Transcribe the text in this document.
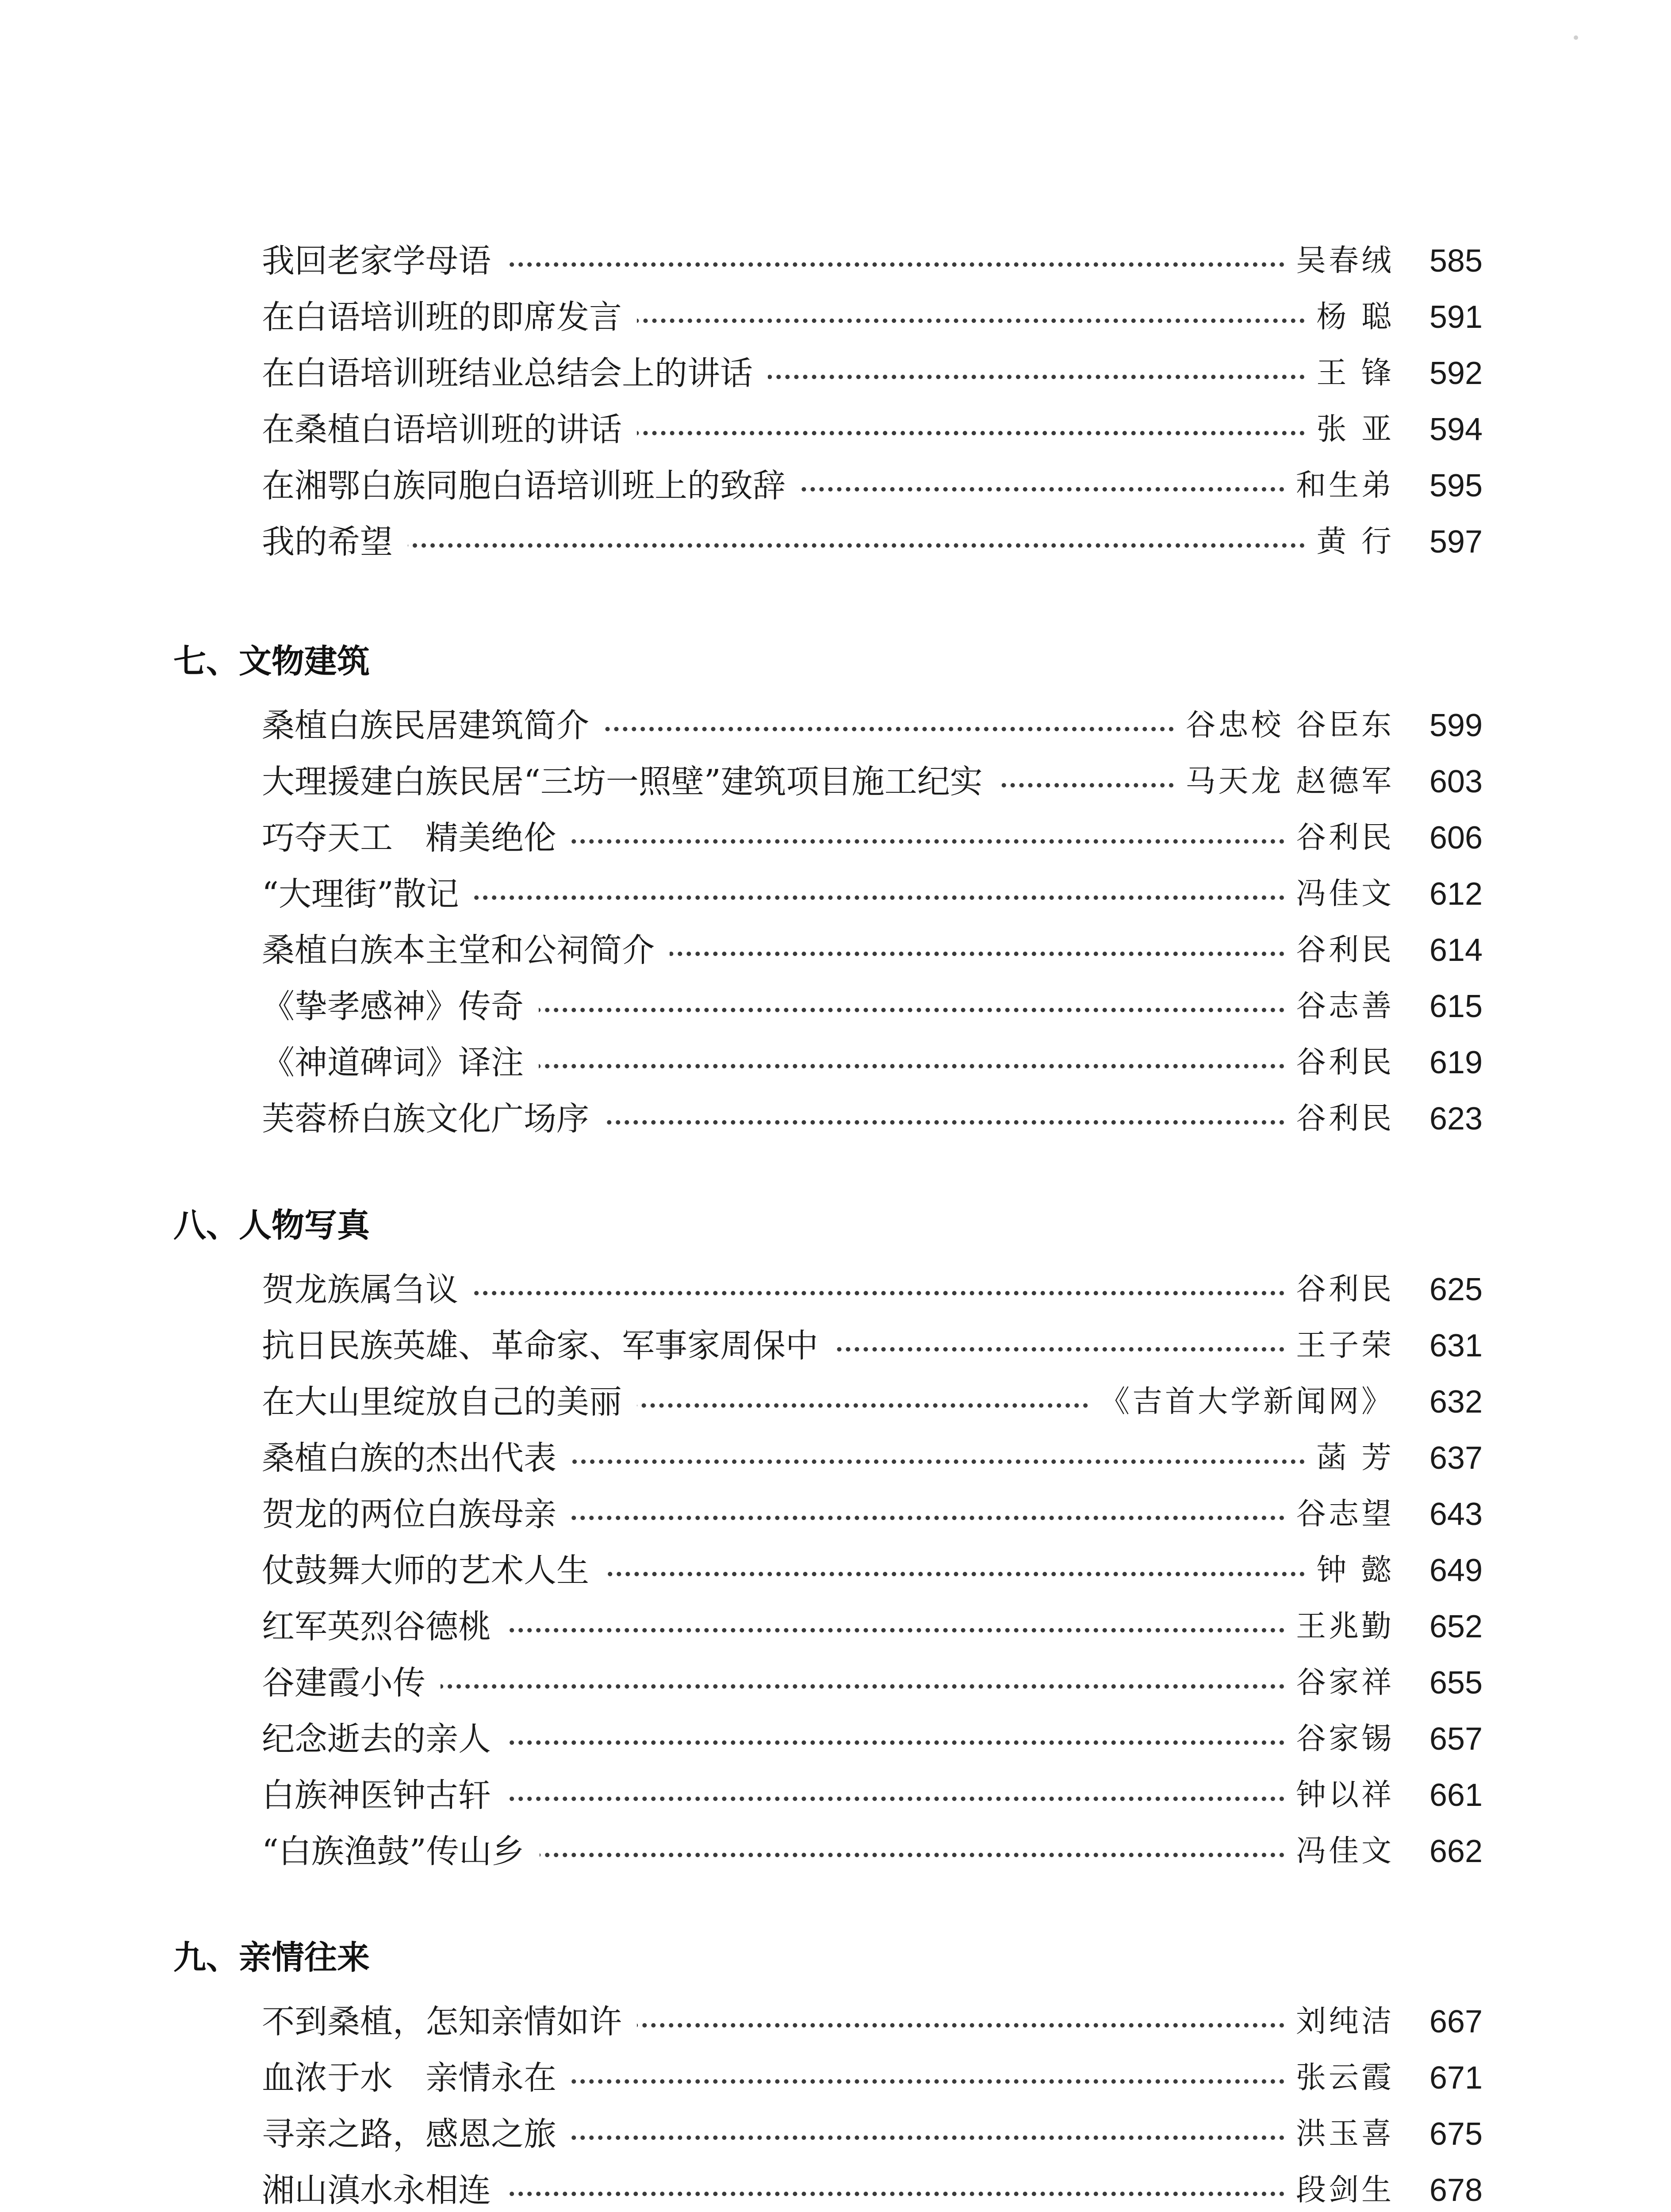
我回老家学母语	吴春绒	585
在白语培训班的即席发言	杨 聪	591
在白语培训班结业总结会上的讲话	王 锋	592
在桑植白语培训班的讲话	张 亚	594
在湘鄂白族同胞白语培训班上的致辞	和生弟	595
我的希望	黄 行	597
七、文物建筑
桑植白族民居建筑简介	谷忠校 谷臣东	599
大理援建白族民居“三坊一照壁”建筑项目施工纪实	马天龙 赵德军	603
巧夺天工　精美绝伦	谷利民	606
“大理街”散记	冯佳文	612
桑植白族本主堂和公祠简介	谷利民	614
《挚孝感神》传奇	谷志善	615
《神道碑词》译注	谷利民	619
芙蓉桥白族文化广场序	谷利民	623
八、人物写真
贺龙族属刍议	谷利民	625
抗日民族英雄、革命家、军事家周保中	王子荣	631
在大山里绽放自己的美丽	《吉首大学新闻网》	632
桑植白族的杰出代表	菡 芳	637
贺龙的两位白族母亲	谷志望	643
仗鼓舞大师的艺术人生	钟 懿	649
红军英烈谷德桃	王兆勤	652
谷建霞小传	谷家祥	655
纪念逝去的亲人	谷家锡	657
白族神医钟古轩	钟以祥	661
“白族渔鼓”传山乡	冯佳文	662
九、亲情往来
不到桑植，怎知亲情如许	刘纯洁	667
血浓于水　亲情永在	张云霞	671
寻亲之路，感恩之旅	洪玉喜	675
湘山滇水永相连	段剑生	678
